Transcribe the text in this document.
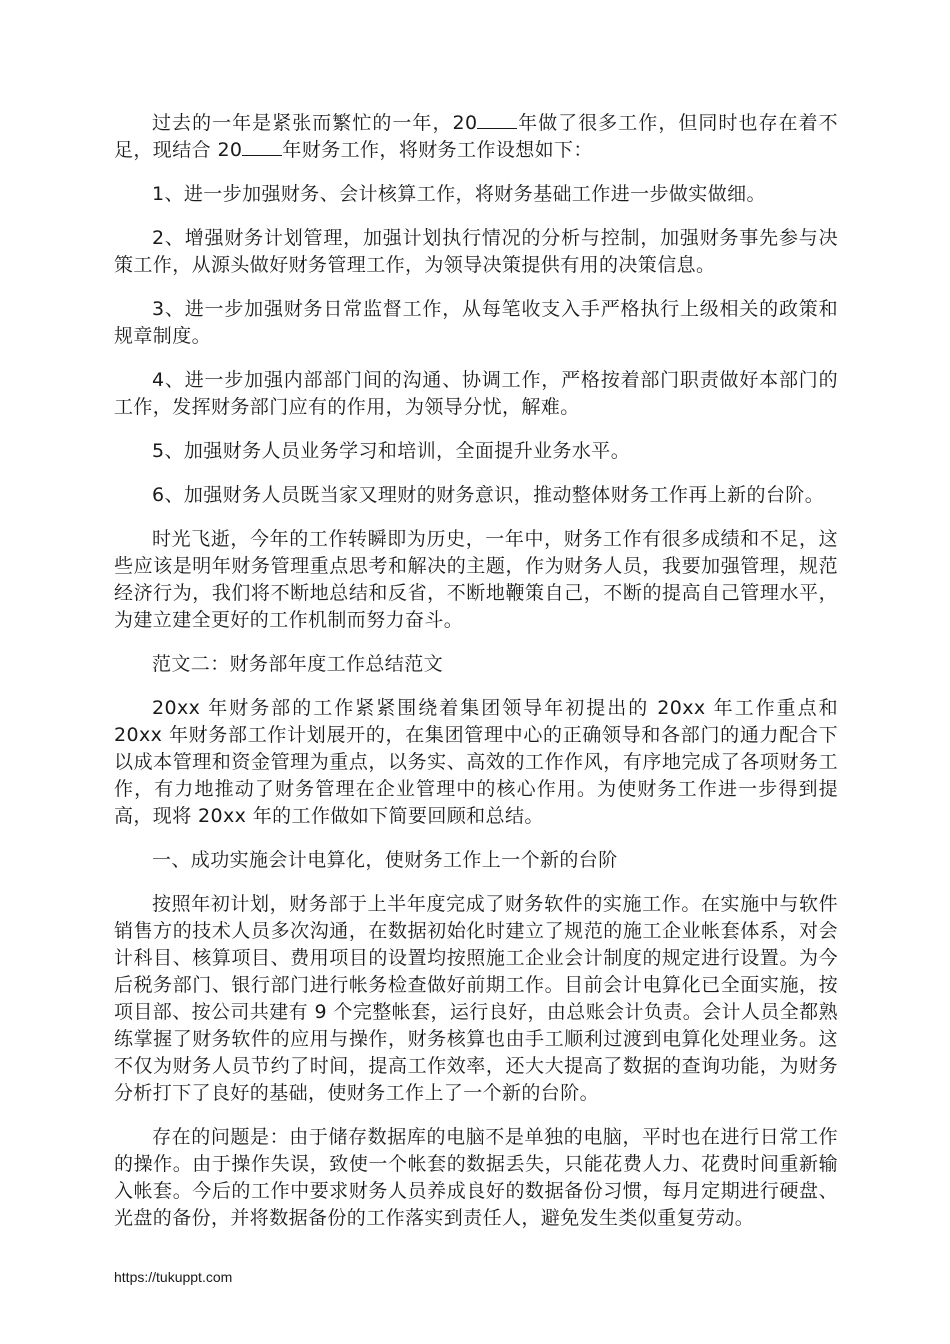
过去的一年是紧张而繁忙的一年，20 年做了很多工作，但同时也存在着不足，现结合 20 年财务工作，将财务工作设想如下：

1、进一步加强财务、会计核算工作，将财务基础工作进一步做实做细。

2、增强财务计划管理，加强计划执行情况的分析与控制，加强财务事先参与决策工作，从源头做好财务管理工作，为领导决策提供有用的决策信息。

3、进一步加强财务日常监督工作，从每笔收支入手严格执行上级相关的政策和规章制度。

4、进一步加强内部部门间的沟通、协调工作，严格按着部门职责做好本部门的工作，发挥财务部门应有的作用，为领导分忧，解难。

5、加强财务人员业务学习和培训，全面提升业务水平。

6、加强财务人员既当家又理财的财务意识，推动整体财务工作再上新的台阶。

时光飞逝，今年的工作转瞬即为历史，一年中，财务工作有很多成绩和不足，这些应该是明年财务管理重点思考和解决的主题，作为财务人员，我要加强管理，规范经济行为，我们将不断地总结和反省，不断地鞭策自己，不断的提高自己管理水平，为建立建全更好的工作机制而努力奋斗。

范文二：财务部年度工作总结范文

20xx 年财务部的工作紧紧围绕着集团领导年初提出的 20xx 年工作重点和 20xx 年财务部工作计划展开的，在集团管理中心的正确领导和各部门的通力配合下以成本管理和资金管理为重点，以务实、高效的工作作风，有序地完成了各项财务工作，有力地推动了财务管理在企业管理中的核心作用。为使财务工作进一步得到提高，现将 20xx 年的工作做如下简要回顾和总结。

一、成功实施会计电算化，使财务工作上一个新的台阶

按照年初计划，财务部于上半年度完成了财务软件的实施工作。在实施中与软件销售方的技术人员多次沟通，在数据初始化时建立了规范的施工企业帐套体系，对会计科目、核算项目、费用项目的设置均按照施工企业会计制度的规定进行设置。为今后税务部门、银行部门进行帐务检查做好前期工作。目前会计电算化已全面实施，按项目部、按公司共建有 9 个完整帐套，运行良好，由总账会计负责。会计人员全都熟练掌握了财务软件的应用与操作，财务核算也由手工顺利过渡到电算化处理业务。这不仅为财务人员节约了时间，提高工作效率，还大大提高了数据的查询功能，为财务分析打下了良好的基础，使财务工作上了一个新的台阶。

存在的问题是：由于储存数据库的电脑不是单独的电脑，平时也在进行日常工作的操作。由于操作失误，致使一个帐套的数据丢失，只能花费人力、花费时间重新输入帐套。今后的工作中要求财务人员养成良好的数据备份习惯，每月定期进行硬盘、光盘的备份，并将数据备份的工作落实到责任人，避免发生类似重复劳动。

https://tukuppt.com
